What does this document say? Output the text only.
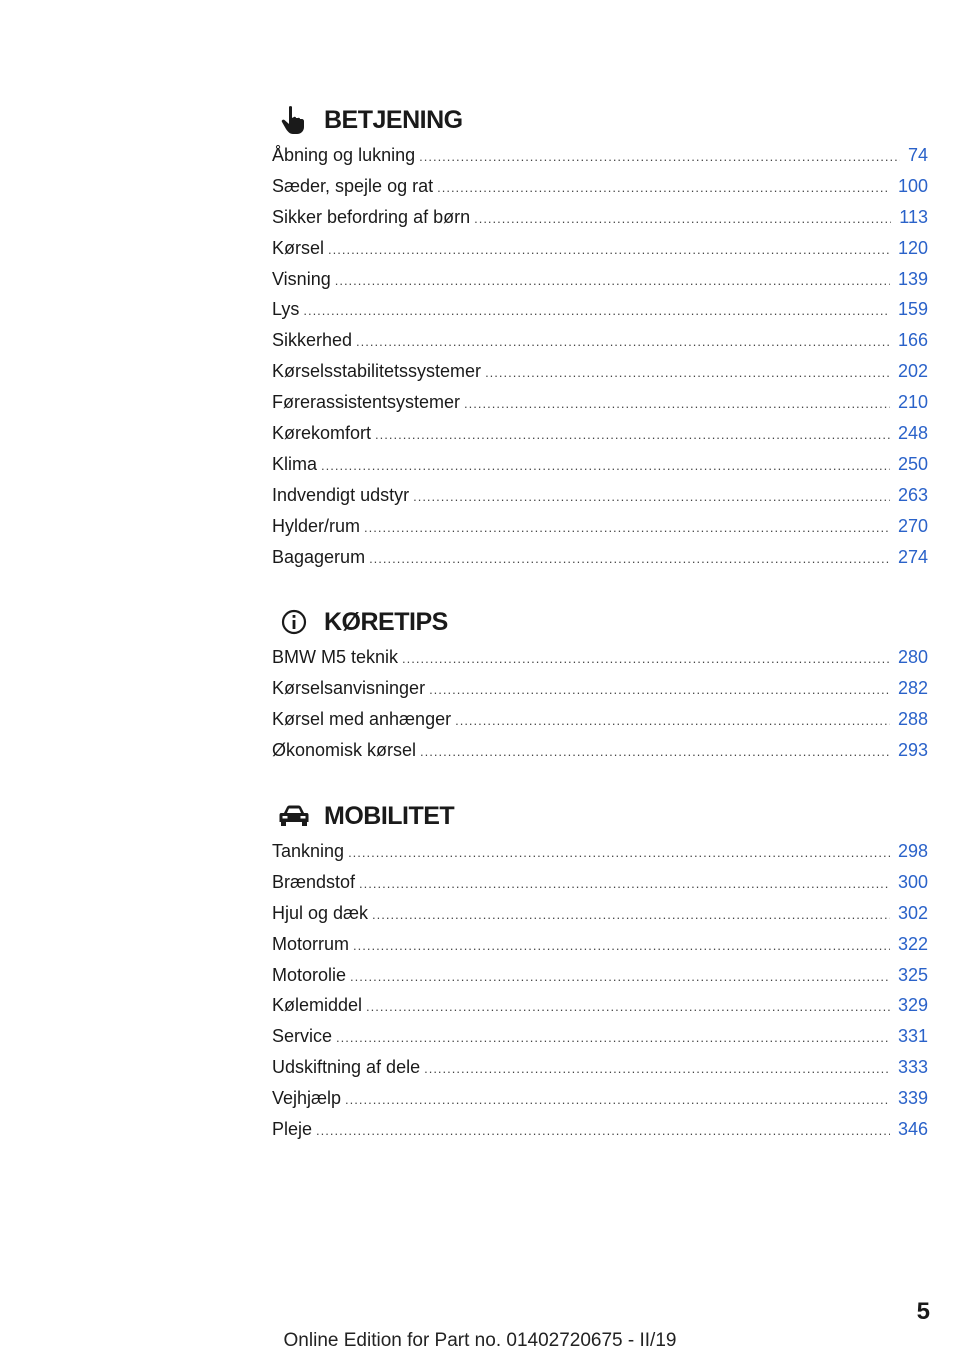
BETJENING
Åbning og lukning .....	74
Sæder, spejle og rat .....	100
Sikker befordring af børn .....	113
Kørsel .....	120
Visning .....	139
Lys .....	159
Sikkerhed .....	166
Kørselsstabilitetssystemer .....	202
Førerassistentsystemer .....	210
Kørekomfort .....	248
Klima .....	250
Indvendigt udstyr .....	263
Hylder/rum .....	270
Bagagerum .....	274
KØRETIPS
BMW M5 teknik .....	280
Kørselsanvisninger .....	282
Kørsel med anhænger .....	288
Økonomisk kørsel .....	293
MOBILITET
Tankning .....	298
Brændstof .....	300
Hjul og dæk .....	302
Motorrum .....	322
Motorolie .....	325
Kølemiddel .....	329
Service .....	331
Udskiftning af dele .....	333
Vejhjælp .....	339
Pleje .....	346
5
Online Edition for Part no. 01402720675 - II/19
